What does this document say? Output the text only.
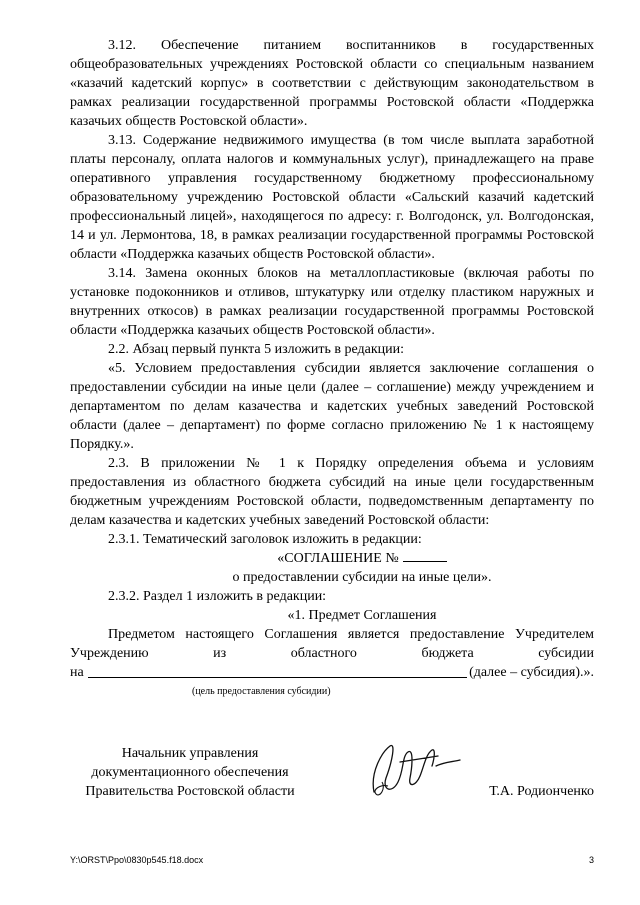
3.12. Обеспечение питанием воспитанников в государственных общеобразовательных учреждениях Ростовской области со специальным названием «казачий кадетский корпус» в соответствии с действующим законодательством в рамках реализации государственной программы Ростовской области «Поддержка казачьих обществ Ростовской области».

3.13. Содержание недвижимого имущества (в том числе выплата заработной платы персоналу, оплата налогов и коммунальных услуг), принадлежащего на праве оперативного управления государственному бюджетному профессиональному образовательному учреждению Ростовской области «Сальский казачий кадетский профессиональный лицей», находящегося по адресу: г. Волгодонск, ул. Волгодонская, 14 и ул. Лермонтова, 18, в рамках реализации государственной программы Ростовской области «Поддержка казачьих обществ Ростовской области».

3.14. Замена оконных блоков на металлопластиковые (включая работы по установке подоконников и отливов, штукатурку или отделку пластиком наружных и внутренних откосов) в рамках реализации государственной программы Ростовской области «Поддержка казачьих обществ Ростовской области».

2.2. Абзац первый пункта 5 изложить в редакции:

«5. Условием предоставления субсидии является заключение соглашения о предоставлении субсидии на иные цели (далее – соглашение) между учреждением и департаментом по делам казачества и кадетских учебных заведений Ростовской области (далее – департамент) по форме согласно приложению № 1 к настоящему Порядку.».

2.3. В приложении № 1 к Порядку определения объема и условиям предоставления из областного бюджета субсидий на иные цели государственным бюджетным учреждениям Ростовской области, подведомственным департаменту по делам казачества и кадетских учебных заведений Ростовской области:

2.3.1. Тематический заголовок изложить в редакции:

«СОГЛАШЕНИЕ №

о предоставлении субсидии на иные цели».

2.3.2. Раздел 1 изложить в редакции:

«1. Предмет Соглашения

Предметом настоящего Соглашения является предоставление Учредителем Учреждению из областного бюджета субсидии

на	(далее – субсидия).».
(цель предоставления субсидии)
Начальник управления
документационного обеспечения
Правительства Ростовской области	Т.А. Родионченко
Y:\ORST\Ppo\0830p545.f18.docx	3
